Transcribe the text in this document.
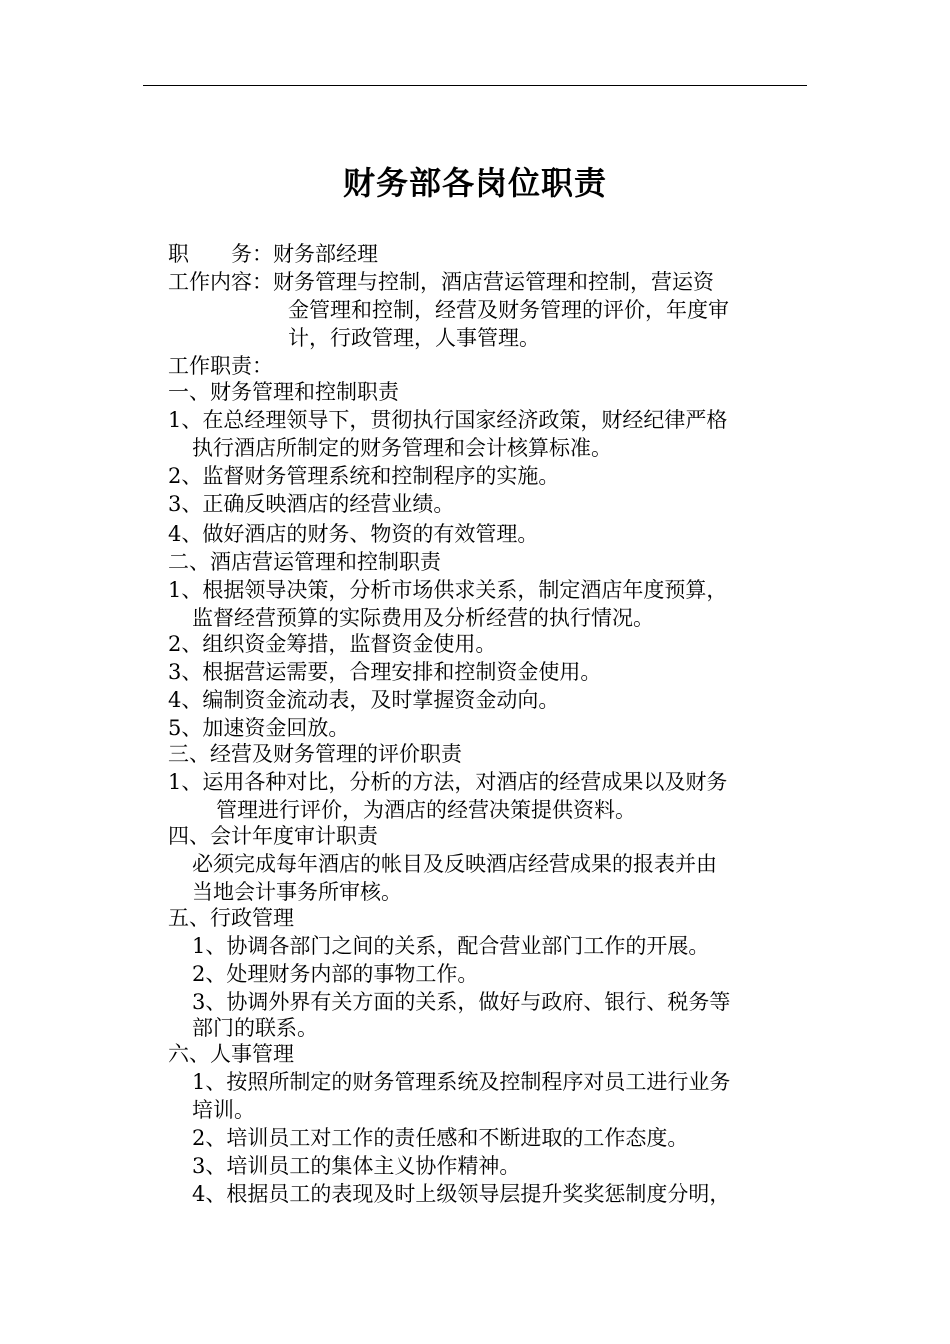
财务部各岗位职责
职　　务：财务部经理
工作内容：财务管理与控制，酒店营运管理和控制，营运资
金管理和控制，经营及财务管理的评价，年度审
计，行政管理，人事管理。
工作职责：
一、财务管理和控制职责
1、在总经理领导下，贯彻执行国家经济政策，财经纪律严格
执行酒店所制定的财务管理和会计核算标准。
2、监督财务管理系统和控制程序的实施。
3、正确反映酒店的经营业绩。
4、做好酒店的财务、物资的有效管理。
二、酒店营运管理和控制职责
1、根据领导决策，分析市场供求关系，制定酒店年度预算，
监督经营预算的实际费用及分析经营的执行情况。
2、组织资金筹措，监督资金使用。
3、根据营运需要，合理安排和控制资金使用。
4、编制资金流动表，及时掌握资金动向。
5、加速资金回放。
三、经营及财务管理的评价职责
1、运用各种对比，分析的方法，对酒店的经营成果以及财务
管理进行评价，为酒店的经营决策提供资料。
四、会计年度审计职责
必须完成每年酒店的帐目及反映酒店经营成果的报表并由
当地会计事务所审核。
五、行政管理
1、协调各部门之间的关系，配合营业部门工作的开展。
2、处理财务内部的事物工作。
3、协调外界有关方面的关系，做好与政府、银行、税务等
部门的联系。
六、人事管理
1、按照所制定的财务管理系统及控制程序对员工进行业务
培训。
2、培训员工对工作的责任感和不断进取的工作态度。
3、培训员工的集体主义协作精神。
4、根据员工的表现及时上级领导层提升奖奖惩制度分明，
